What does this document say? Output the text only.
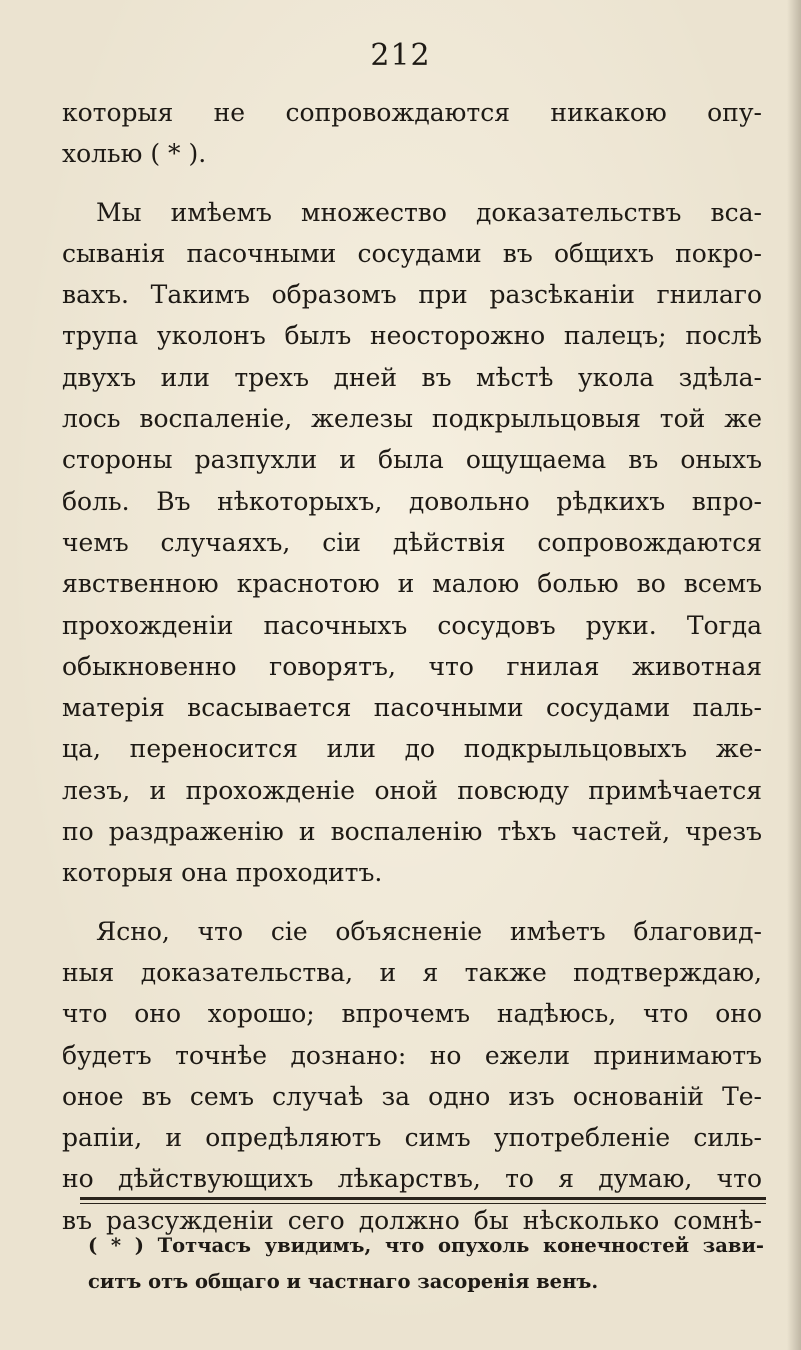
212

которыя не сопровождаются никакою опу-
холью ( * ).

Мы имѣемъ множество доказательствъ вса-
сыванія пасочными сосудами въ общихъ покро-
вахъ. Такимъ образомъ при разсѣканіи гнилаго
трупа уколонъ былъ неосторожно палецъ; послѣ
двухъ или трехъ дней въ мѣстѣ укола здѣла-
лось воспаленіе, железы подкрыльцовыя той же
стороны разпухли и была ощущаема въ оныхъ
боль. Въ нѣкоторыхъ, довольно рѣдкихъ впро-
чемъ случаяхъ, сіи дѣйствія сопровождаются
явственною краснотою и малою болью во всемъ
прохожденіи пасочныхъ сосудовъ руки. Тогда
обыкновенно говорятъ, что гнилая животная
матерія всасывается пасочными сосудами паль-
ца, переносится или до подкрыльцовыхъ же-
лезъ, и прохожденіе оной повсюду примѣчается
по раздраженію и воспаленію тѣхъ частей, чрезъ
которыя она проходитъ.

Ясно, что сіе объясненіе имѣетъ благовид-
ныя доказательства, и я также подтверждаю,
что оно хорошо; впрочемъ надѣюсь, что оно
будетъ точнѣе дознано: но ежели принимаютъ
оное въ семъ случаѣ за одно изъ основаній Те-
рапіи, и опредѣляютъ симъ употребленіе силь-
но дѣйствующихъ лѣкарствъ, то я думаю, что
въ разсужденіи сего должно бы нѣсколько сомнѣ-

( * ) Тотчасъ увидимъ, что опухоль конечностей зави-
ситъ отъ общаго и частнаго засоренія венъ.
